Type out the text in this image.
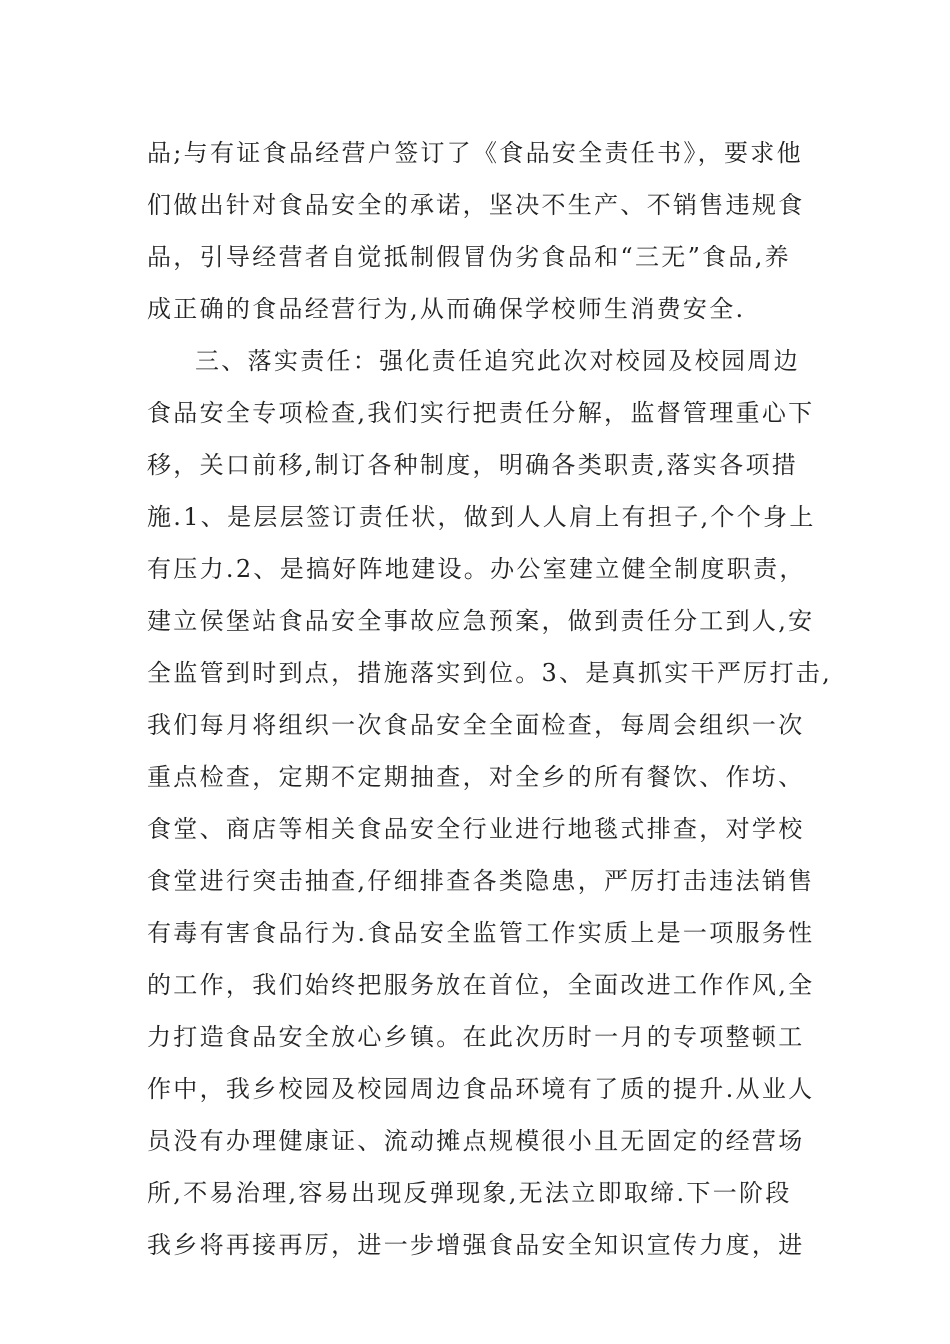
品;与有证食品经营户签订了《食品安全责任书》，要求他
们做出针对食品安全的承诺，坚决不生产、不销售违规食
品，引导经营者自觉抵制假冒伪劣食品和“三无”食品,养
成正确的食品经营行为,从而确保学校师生消费安全.
三、落实责任：强化责任追究此次对校园及校园周边
食品安全专项检查,我们实行把责任分解，监督管理重心下
移，关口前移,制订各种制度，明确各类职责,落实各项措
施.1、是层层签订责任状，做到人人肩上有担子,个个身上
有压力.2、是搞好阵地建设。办公室建立健全制度职责，
建立侯堡站食品安全事故应急预案，做到责任分工到人,安
全监管到时到点，措施落实到位。3、是真抓实干严厉打击,
我们每月将组织一次食品安全全面检查，每周会组织一次
重点检查，定期不定期抽查，对全乡的所有餐饮、作坊、
食堂、商店等相关食品安全行业进行地毯式排查，对学校
食堂进行突击抽查,仔细排查各类隐患，严厉打击违法销售
有毒有害食品行为.食品安全监管工作实质上是一项服务性
的工作，我们始终把服务放在首位，全面改进工作作风,全
力打造食品安全放心乡镇。在此次历时一月的专项整顿工
作中，我乡校园及校园周边食品环境有了质的提升.从业人
员没有办理健康证、流动摊点规模很小且无固定的经营场
所,不易治理,容易出现反弹现象,无法立即取缔.下一阶段
我乡将再接再厉，进一步增强食品安全知识宣传力度，进
